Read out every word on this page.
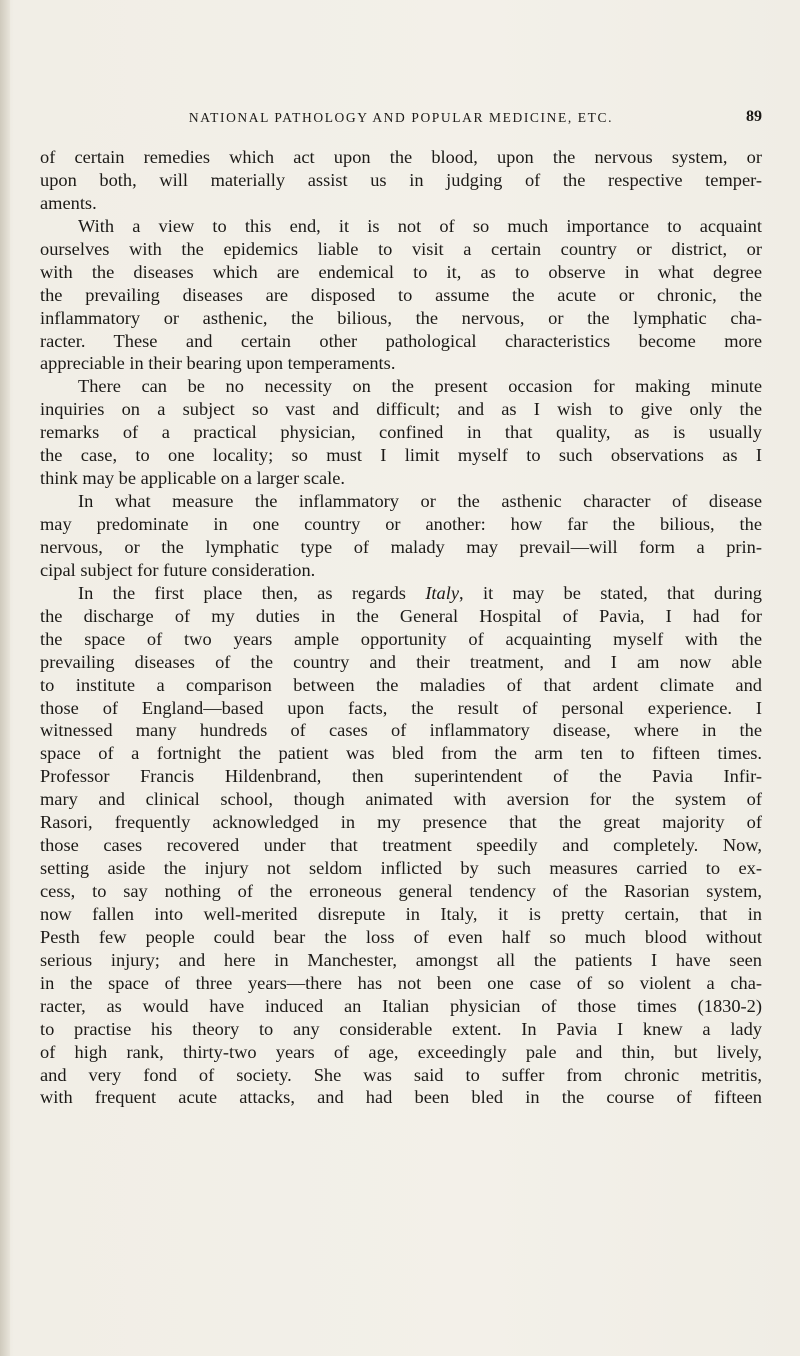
NATIONAL PATHOLOGY AND POPULAR MEDICINE, ETC.	89
of certain remedies which act upon the blood, upon the nervous system, or
upon both, will materially assist us in judging of the respective temper-
aments.
With a view to this end, it is not of so much importance to acquaint
ourselves with the epidemics liable to visit a certain country or district, or
with the diseases which are endemical to it, as to observe in what degree
the prevailing diseases are disposed to assume the acute or chronic, the
inflammatory or asthenic, the bilious, the nervous, or the lymphatic cha-
racter. These and certain other pathological characteristics become more
appreciable in their bearing upon temperaments.
There can be no necessity on the present occasion for making minute
inquiries on a subject so vast and difficult; and as I wish to give only the
remarks of a practical physician, confined in that quality, as is usually
the case, to one locality; so must I limit myself to such observations as I
think may be applicable on a larger scale.
In what measure the inflammatory or the asthenic character of disease
may predominate in one country or another: how far the bilious, the
nervous, or the lymphatic type of malady may prevail—will form a prin-
cipal subject for future consideration.
In the first place then, as regards Italy, it may be stated, that during
the discharge of my duties in the General Hospital of Pavia, I had for
the space of two years ample opportunity of acquainting myself with the
prevailing diseases of the country and their treatment, and I am now able
to institute a comparison between the maladies of that ardent climate and
those of England—based upon facts, the result of personal experience. I
witnessed many hundreds of cases of inflammatory disease, where in the
space of a fortnight the patient was bled from the arm ten to fifteen times.
Professor Francis Hildenbrand, then superintendent of the Pavia Infir-
mary and clinical school, though animated with aversion for the system of
Rasori, frequently acknowledged in my presence that the great majority of
those cases recovered under that treatment speedily and completely. Now,
setting aside the injury not seldom inflicted by such measures carried to ex-
cess, to say nothing of the erroneous general tendency of the Rasorian system,
now fallen into well-merited disrepute in Italy, it is pretty certain, that in
Pesth few people could bear the loss of even half so much blood without
serious injury; and here in Manchester, amongst all the patients I have seen
in the space of three years—there has not been one case of so violent a cha-
racter, as would have induced an Italian physician of those times (1830-2)
to practise his theory to any considerable extent. In Pavia I knew a lady
of high rank, thirty-two years of age, exceedingly pale and thin, but lively,
and very fond of society. She was said to suffer from chronic metritis,
with frequent acute attacks, and had been bled in the course of fifteen
